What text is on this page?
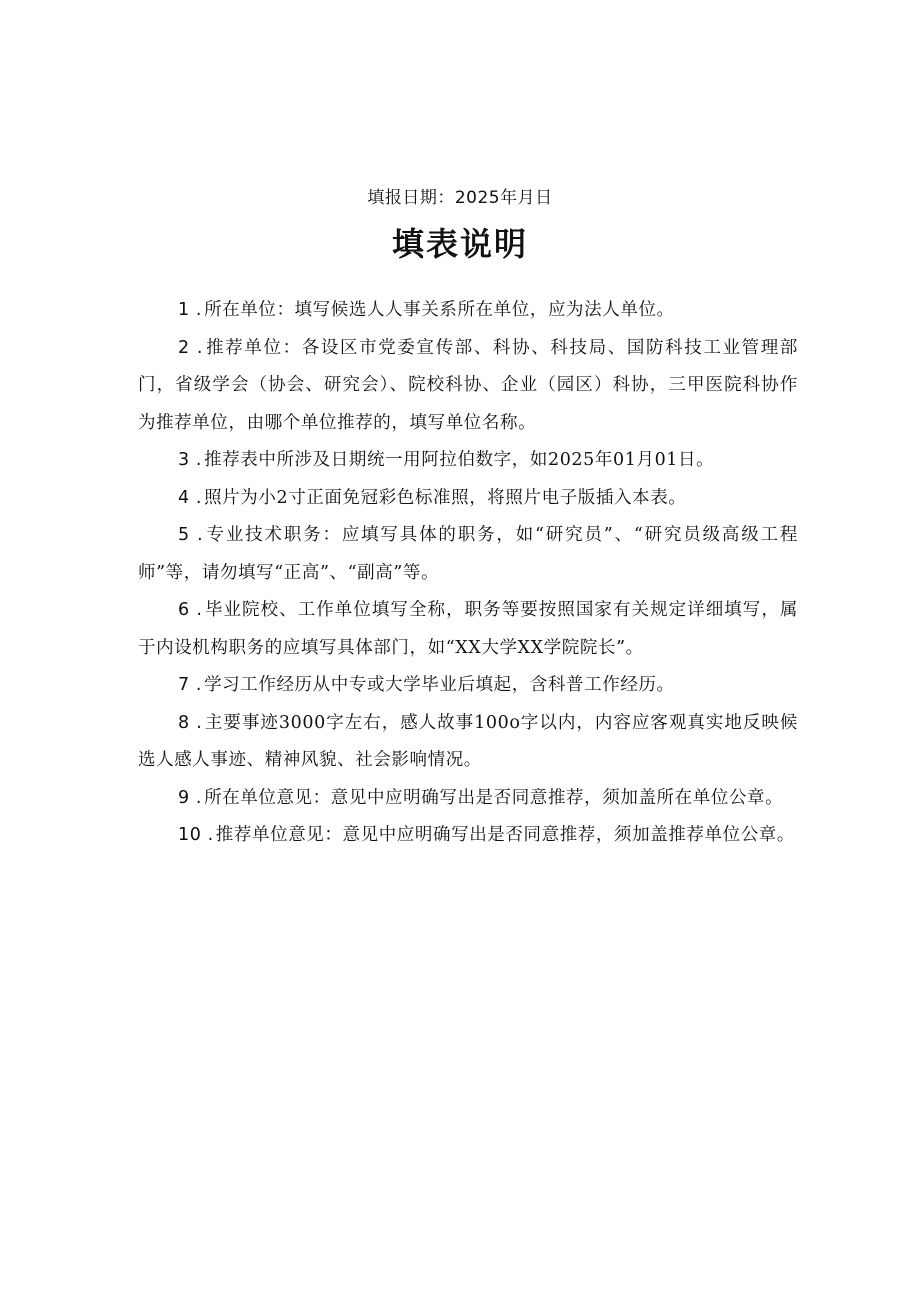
填报日期：2025年月日
填表说明

1 . 所在单位：填写候选人人事关系所在单位，应为法人单位。

2 . 推荐单位：各设区市党委宣传部、科协、科技局、国防科技工业管理部门，省级学会（协会、研究会）、院校科协、企业（园区）科协，三甲医院科协作为推荐单位，由哪个单位推荐的，填写单位名称。

3 . 推荐表中所涉及日期统一用阿拉伯数字，如2025年01月01日。

4 . 照片为小2寸正面免冠彩色标准照，将照片电子版插入本表。

5 . 专业技术职务：应填写具体的职务，如“研究员”、“研究员级高级工程师”等，请勿填写“正高”、“副高”等。

6 . 毕业院校、工作单位填写全称，职务等要按照国家有关规定详细填写，属于内设机构职务的应填写具体部门，如“XX大学XX学院院长”。

7 . 学习工作经历从中专或大学毕业后填起，含科普工作经历。

8 . 主要事迹3000字左右，感人故事100o字以内，内容应客观真实地反映候选人感人事迹、精神风貌、社会影响情况。

9 . 所在单位意见：意见中应明确写出是否同意推荐，须加盖所在单位公章。

10 . 推荐单位意见：意见中应明确写出是否同意推荐，须加盖推荐单位公章。
